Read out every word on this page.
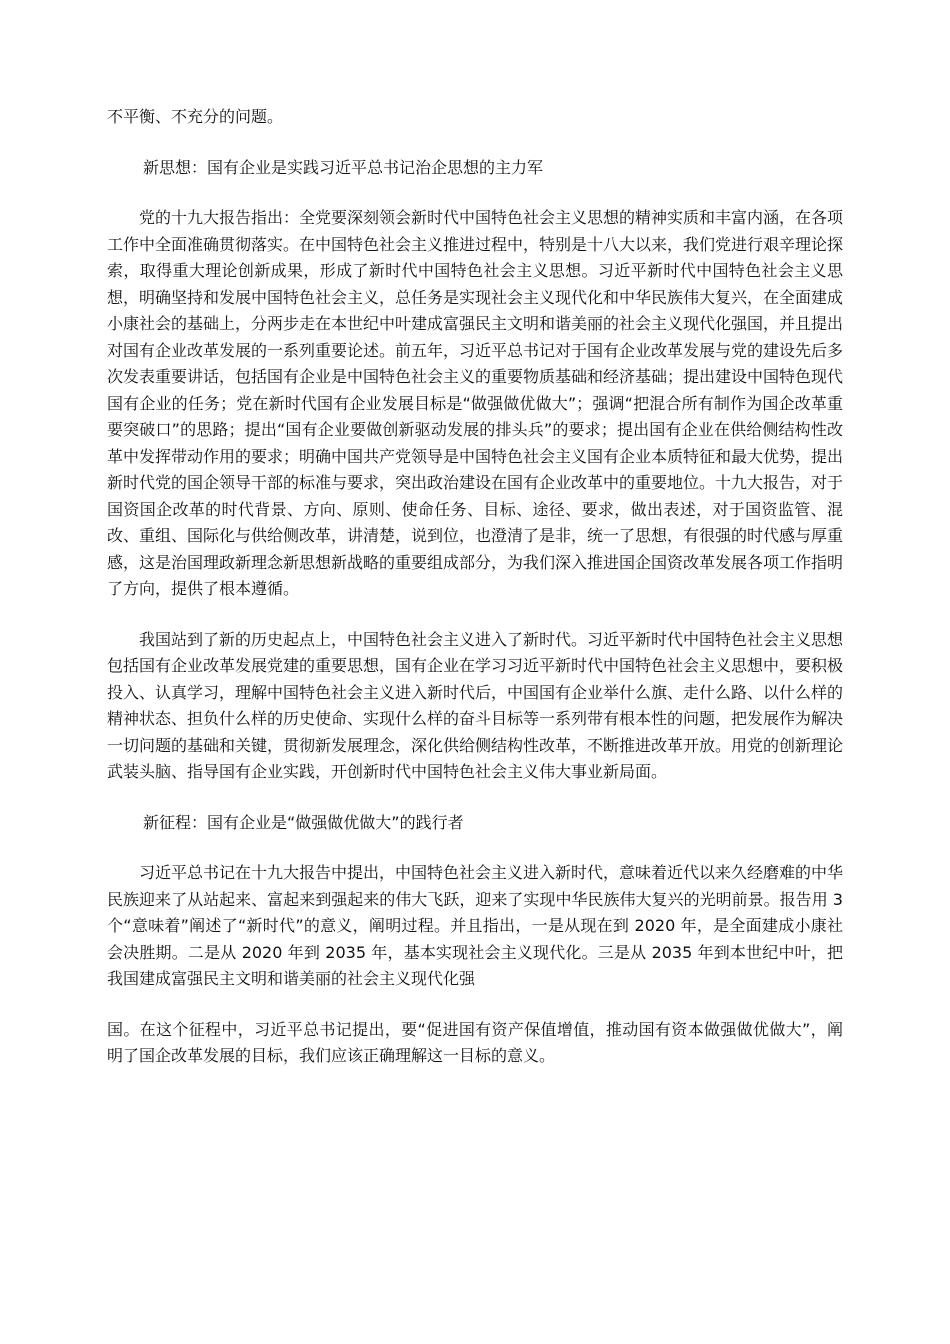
不平衡、不充分的问题。

新思想：国有企业是实践习近平总书记治企思想的主力军

党的十九大报告指出：全党要深刻领会新时代中国特色社会主义思想的精神实质和丰富内涵，在各项工作中全面准确贯彻落实。在中国特色社会主义推进过程中，特别是十八大以来，我们党进行艰辛理论探索，取得重大理论创新成果，形成了新时代中国特色社会主义思想。习近平新时代中国特色社会主义思想，明确坚持和发展中国特色社会主义，总任务是实现社会主义现代化和中华民族伟大复兴，在全面建成小康社会的基础上，分两步走在本世纪中叶建成富强民主文明和谐美丽的社会主义现代化强国，并且提出对国有企业改革发展的一系列重要论述。前五年，习近平总书记对于国有企业改革发展与党的建设先后多次发表重要讲话，包括国有企业是中国特色社会主义的重要物质基础和经济基础；提出建设中国特色现代国有企业的任务；党在新时代国有企业发展目标是“做强做优做大”；强调“把混合所有制作为国企改革重要突破口”的思路；提出“国有企业要做创新驱动发展的排头兵”的要求；提出国有企业在供给侧结构性改革中发挥带动作用的要求；明确中国共产党领导是中国特色社会主义国有企业本质特征和最大优势，提出新时代党的国企领导干部的标准与要求，突出政治建设在国有企业改革中的重要地位。十九大报告，对于国资国企改革的时代背景、方向、原则、使命任务、目标、途径、要求，做出表述，对于国资监管、混改、重组、国际化与供给侧改革，讲清楚，说到位，也澄清了是非，统一了思想，有很强的时代感与厚重感，这是治国理政新理念新思想新战略的重要组成部分，为我们深入推进国企国资改革发展各项工作指明了方向，提供了根本遵循。

我国站到了新的历史起点上，中国特色社会主义进入了新时代。习近平新时代中国特色社会主义思想包括国有企业改革发展党建的重要思想，国有企业在学习习近平新时代中国特色社会主义思想中，要积极投入、认真学习，理解中国特色社会主义进入新时代后，中国国有企业举什么旗、走什么路、以什么样的精神状态、担负什么样的历史使命、实现什么样的奋斗目标等一系列带有根本性的问题，把发展作为解决一切问题的基础和关键，贯彻新发展理念，深化供给侧结构性改革，不断推进改革开放。用党的创新理论武装头脑、指导国有企业实践，开创新时代中国特色社会主义伟大事业新局面。

新征程：国有企业是“做强做优做大”的践行者

习近平总书记在十九大报告中提出，中国特色社会主义进入新时代，意味着近代以来久经磨难的中华民族迎来了从站起来、富起来到强起来的伟大飞跃，迎来了实现中华民族伟大复兴的光明前景。报告用 3 个“意味着”阐述了“新时代”的意义，阐明过程。并且指出，一是从现在到 2020 年，是全面建成小康社会决胜期。二是从 2020 年到 2035 年，基本实现社会主义现代化。三是从 2035 年到本世纪中叶，把我国建成富强民主文明和谐美丽的社会主义现代化强

国。在这个征程中，习近平总书记提出，要“促进国有资产保值增值，推动国有资本做强做优做大”，阐明了国企改革发展的目标，我们应该正确理解这一目标的意义。
